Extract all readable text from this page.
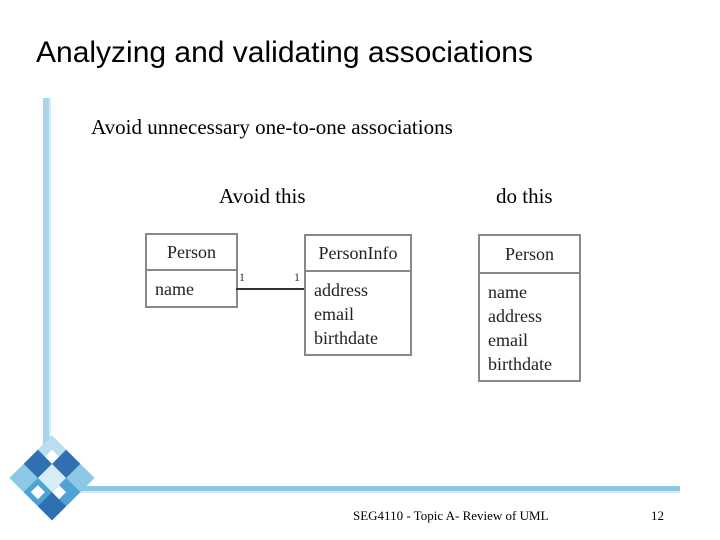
Analyzing and validating associations
Avoid unnecessary one-to-one associations
Avoid this	do this
Person
name
1	1
PersonInfo
address
email
birthdate
Person
name
address
email
birthdate
SEG4110 - Topic A- Review of UML	12
